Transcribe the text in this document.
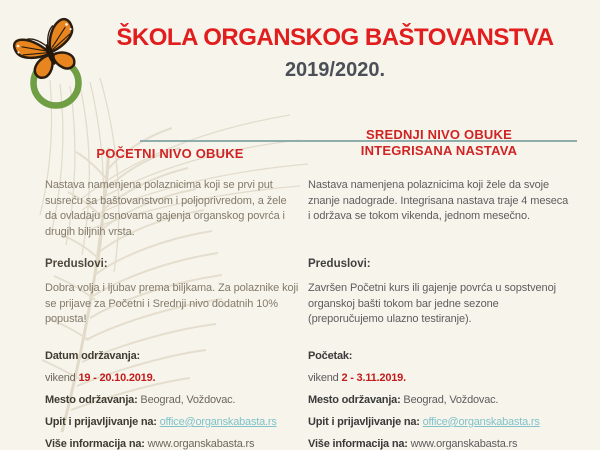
ŠKOLA ORGANSKOG BAŠTOVANSTVA
2019/2020.
POČETNI NIVO OBUKE
SREDNJI NIVO OBUKE
INTEGRISANA NASTAVA

Nastava namenjena polaznicima koji se prvi put susreću sa baštovanstvom i poljoprivredom, a žele da ovladaju osnovama gajenja organskog povrća i drugih biljnih vrsta.

Preduslovi:

Dobra volja i ljubav prema biljkama. Za polaznike koji se prijave za Početni i Srednji nivo dodatnih 10% popusta!

Datum održavanja:
vikend 19 - 20.10.2019.
Mesto održavanja: Beograd, Voždovac.
Upit i prijavljivanje na: office@organskabasta.rs
Više informacija na: www.organskabasta.rs

Nastava namenjena polaznicima koji žele da svoje znanje nadograde. Integrisana nastava traje 4 meseca i održava se tokom vikenda, jednom mesečno.

Preduslovi:

Završen Početni kurs ili gajenje povrća u sopstvenoj organskoj bašti tokom bar jedne sezone (preporučujemo ulazno testiranje).

Početak:
vikend 2 - 3.11.2019.
Mesto održavanja: Beograd, Voždovac.
Upit i prijavljivanje na: office@organskabasta.rs
Više informacija na: www.organskabasta.rs
